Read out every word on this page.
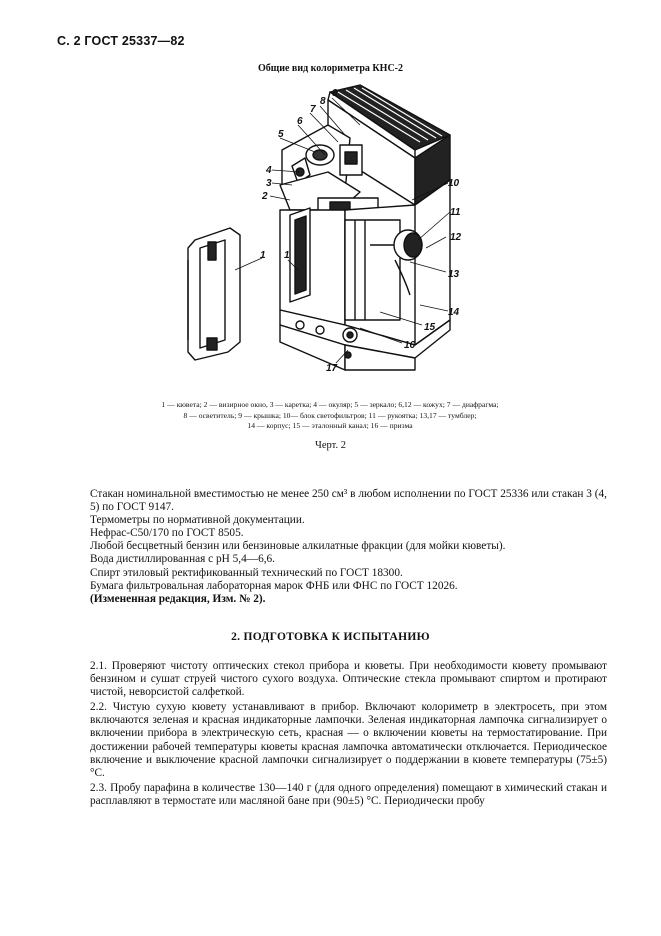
С. 2 ГОСТ 25337—82
Общие вид колориметра КНС-2
9
8
7
6
5
4
3
2
10
11
12
13
14
15
16
17
1 1
1 — кювета; 2 — визирное окно, 3 — каретка; 4 — окуляр; 5 — зеркало; 6,12 — кожух; 7 — диафрагма;
8 — осветитель; 9 — крышка; 10— блок светофильтров; 11 — рукоятка; 13,17 — тумблер;
14 — корпус; 15 — эталонный канал; 16 — призма
Черт. 2

Стакан номинальной вместимостью не менее 250 см³ в любом исполнении по ГОСТ 25336 или стакан 3 (4, 5) по ГОСТ 9147.

Термометры по нормативной документации.

Нефрас-С50/170 по ГОСТ 8505.

Любой бесцветный бензин или бензиновые алкилатные фракции (для мойки кюветы).

Вода дистиллированная с pH 5,4—6,6.

Спирт этиловый ректификованный технический по ГОСТ 18300.

Бумага фильтровальная лабораторная марок ФНБ или ФНС по ГОСТ 12026.

(Измененная редакция, Изм. № 2).

2. ПОДГОТОВКА К ИСПЫТАНИЮ

2.1. Проверяют чистоту оптических стекол прибора и кюветы. При необходимости кювету промывают бензином и сушат струей чистого сухого воздуха. Оптические стекла промывают спиртом и протирают чистой, неворсистой салфеткой.

2.2. Чистую сухую кювету устанавливают в прибор. Включают колориметр в электросеть, при этом включаются зеленая и красная индикаторные лампочки. Зеленая индикаторная лампочка сигнализирует о включении прибора в электрическую сеть, красная — о включении кюветы на термостатирование. При достижении рабочей температуры кюветы красная лампочка автоматически отключается. Периодическое включение и выключение красной лампочки сигнализирует о поддержании в кювете температуры (75±5) °С.

2.3. Пробу парафина в количестве 130—140 г (для одного определения) помещают в химический стакан и расплавляют в термостате или масляной бане при (90±5) °С. Периодически пробу
